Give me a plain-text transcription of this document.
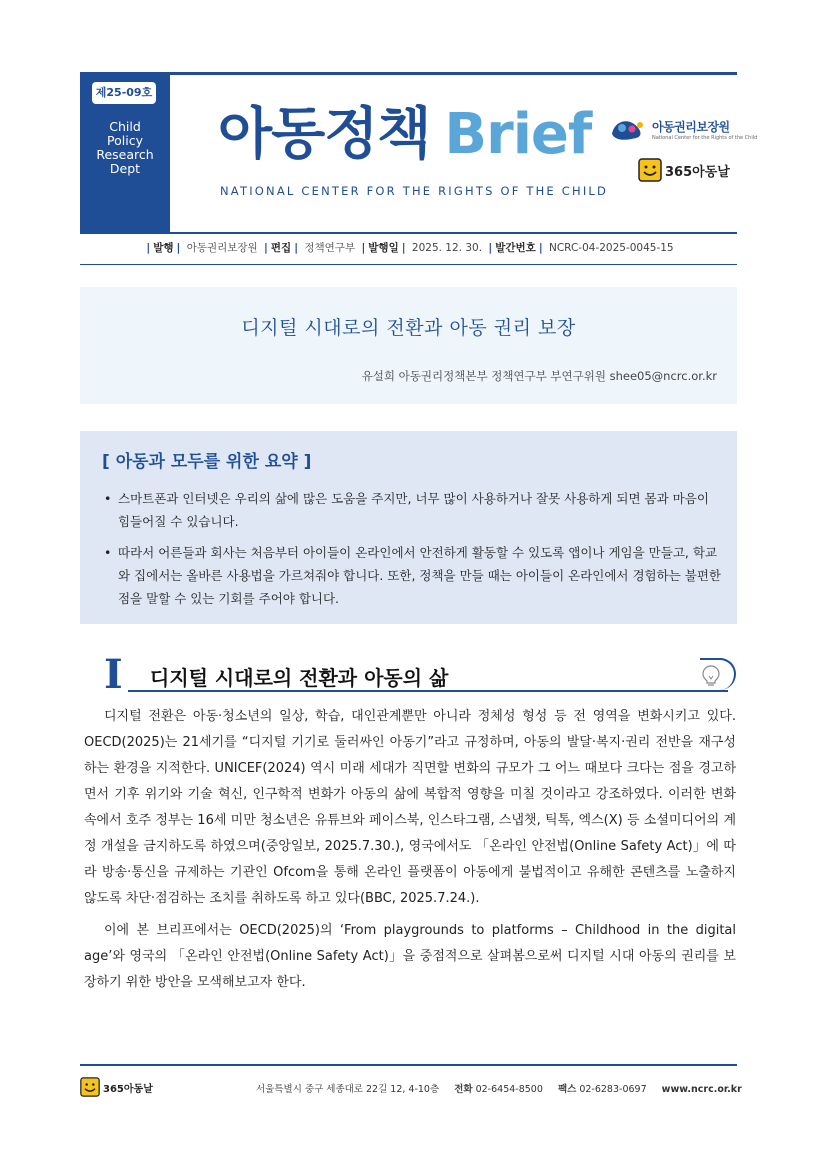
제25-09호
Child
Policy
Research
Dept
아동정책 Brief
NATIONAL CENTER FOR THE RIGHTS OF THE CHILD
아동권리보장원
National Center for the Rights of the Child
365아동날
| 발행 | 아동권리보장원 | 편집 | 정책연구부 | 발행일 | 2025. 12. 30. | 발간번호 | NCRC-04-2025-0045-15
디지털 시대로의 전환과 아동 권리 보장
유설희 아동권리정책본부 정책연구부 부연구위원 shee05@ncrc.or.kr
[ 아동과 모두를 위한 요약 ]
• 스마트폰과 인터넷은 우리의 삶에 많은 도움을 주지만, 너무 많이 사용하거나 잘못 사용하게 되면 몸과 마음이 힘들어질 수 있습니다.
• 따라서 어른들과 회사는 처음부터 아이들이 온라인에서 안전하게 활동할 수 있도록 앱이나 게임을 만들고, 학교와 집에서는 올바른 사용법을 가르쳐줘야 합니다. 또한, 정책을 만들 때는 아이들이 온라인에서 경험하는 불편한 점을 말할 수 있는 기회를 주어야 합니다.
I 디지털 시대로의 전환과 아동의 삶

디지털 전환은 아동·청소년의 일상, 학습, 대인관계뿐만 아니라 정체성 형성 등 전 영역을 변화시키고 있다. OECD(2025)는 21세기를 “디지털 기기로 둘러싸인 아동기”라고 규정하며, 아동의 발달·복지·권리 전반을 재구성하는 환경을 지적한다. UNICEF(2024) 역시 미래 세대가 직면할 변화의 규모가 그 어느 때보다 크다는 점을 경고하면서 기후 위기와 기술 혁신, 인구학적 변화가 아동의 삶에 복합적 영향을 미칠 것이라고 강조하였다. 이러한 변화 속에서 호주 정부는 16세 미만 청소년은 유튜브와 페이스북, 인스타그램, 스냅챗, 틱톡, 엑스(X) 등 소셜미디어의 계정 개설을 금지하도록 하였으며(중앙일보, 2025.7.30.), 영국에서도 「온라인 안전법(Online Safety Act)」에 따라 방송·통신을 규제하는 기관인 Ofcom을 통해 온라인 플랫폼이 아동에게 불법적이고 유해한 콘텐츠를 노출하지 않도록 차단·점검하는 조치를 취하도록 하고 있다(BBC, 2025.7.24.).

이에 본 브리프에서는 OECD(2025)의 ‘From playgrounds to platforms – Childhood in the digital age’와 영국의 「온라인 안전법(Online Safety Act)」을 중점적으로 살펴봄으로써 디지털 시대 아동의 권리를 보장하기 위한 방안을 모색해보고자 한다.

365아동날	서울특별시 중구 세종대로 22길 12, 4-10층 전화 02-6454-8500 팩스 02-6283-0697 www.ncrc.or.kr
